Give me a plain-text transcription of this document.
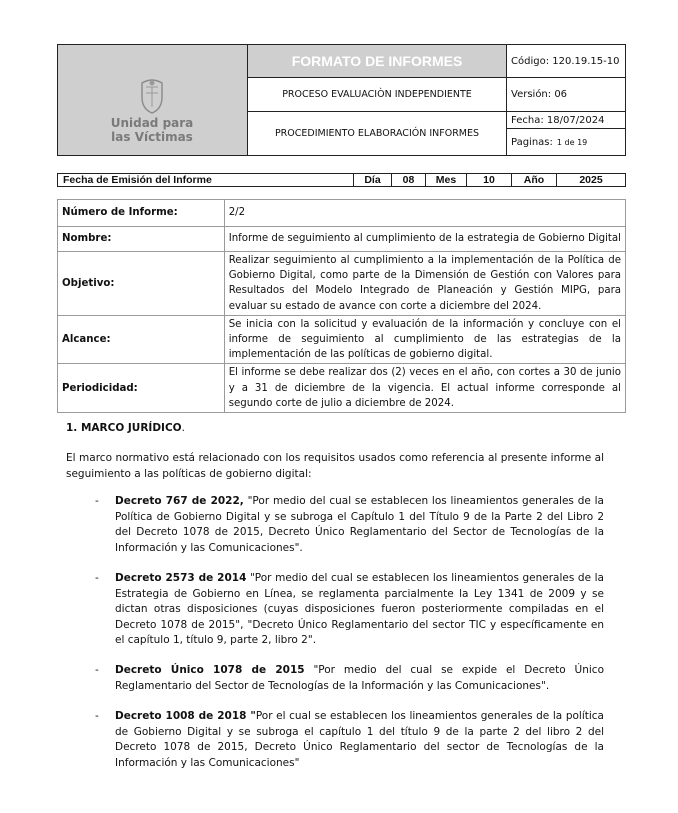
Unidad para
las Víctimas
FORMATO DE INFORMES
PROCESO EVALUACIÒN INDEPENDIENTE
PROCEDIMIENTO ELABORACIÓN INFORMES
Código: 120.19.15-10
Versión: 06
Fecha: 18/07/2024
Paginas: 1 de 19
Fecha de Emisión del Informe	Día	08	Mes	10	Año	2025
Número de Informe:	2/2
Nombre:	Informe de seguimiento al cumplimiento de la estrategia de Gobierno Digital
Objetivo:	Realizar seguimiento al cumplimiento a la implementación de la Política de Gobierno Digital, como parte de la Dimensión de Gestión con Valores para Resultados del Modelo Integrado de Planeación y Gestión MIPG, para evaluar su estado de avance con corte a diciembre del 2024.
Alcance:	Se inicia con la solicitud y evaluación de la información y concluye con el informe de seguimiento al cumplimiento de las estrategias de la implementación de las políticas de gobierno digital.
Periodicidad:	El informe se debe realizar dos (2) veces en el año, con cortes a 30 de junio y a 31 de diciembre de la vigencia. El actual informe corresponde al segundo corte de julio a diciembre de 2024.
1. MARCO JURÍDICO.
El marco normativo está relacionado con los requisitos usados como referencia al presente informe al seguimiento a las políticas de gobierno digital:
- Decreto 767 de 2022, "Por medio del cual se establecen los lineamientos generales de la Política de Gobierno Digital y se subroga el Capítulo 1 del Título 9 de la Parte 2 del Libro 2 del Decreto 1078 de 2015, Decreto Único Reglamentario del Sector de Tecnologías de la Información y las Comunicaciones".
- Decreto 2573 de 2014 "Por medio del cual se establecen los lineamientos generales de la Estrategia de Gobierno en Línea, se reglamenta parcialmente la Ley 1341 de 2009 y se dictan otras disposiciones (cuyas disposiciones fueron posteriormente compiladas en el Decreto 1078 de 2015", "Decreto Único Reglamentario del sector TIC y específicamente en el capítulo 1, título 9, parte 2, libro 2".
- Decreto Único 1078 de 2015 "Por medio del cual se expide el Decreto Único Reglamentario del Sector de Tecnologías de la Información y las Comunicaciones".
- Decreto 1008 de 2018 "Por el cual se establecen los lineamientos generales de la política de Gobierno Digital y se subroga el capítulo 1 del título 9 de la parte 2 del libro 2 del Decreto 1078 de 2015, Decreto Único Reglamentario del sector de Tecnologías de la Información y las Comunicaciones"
